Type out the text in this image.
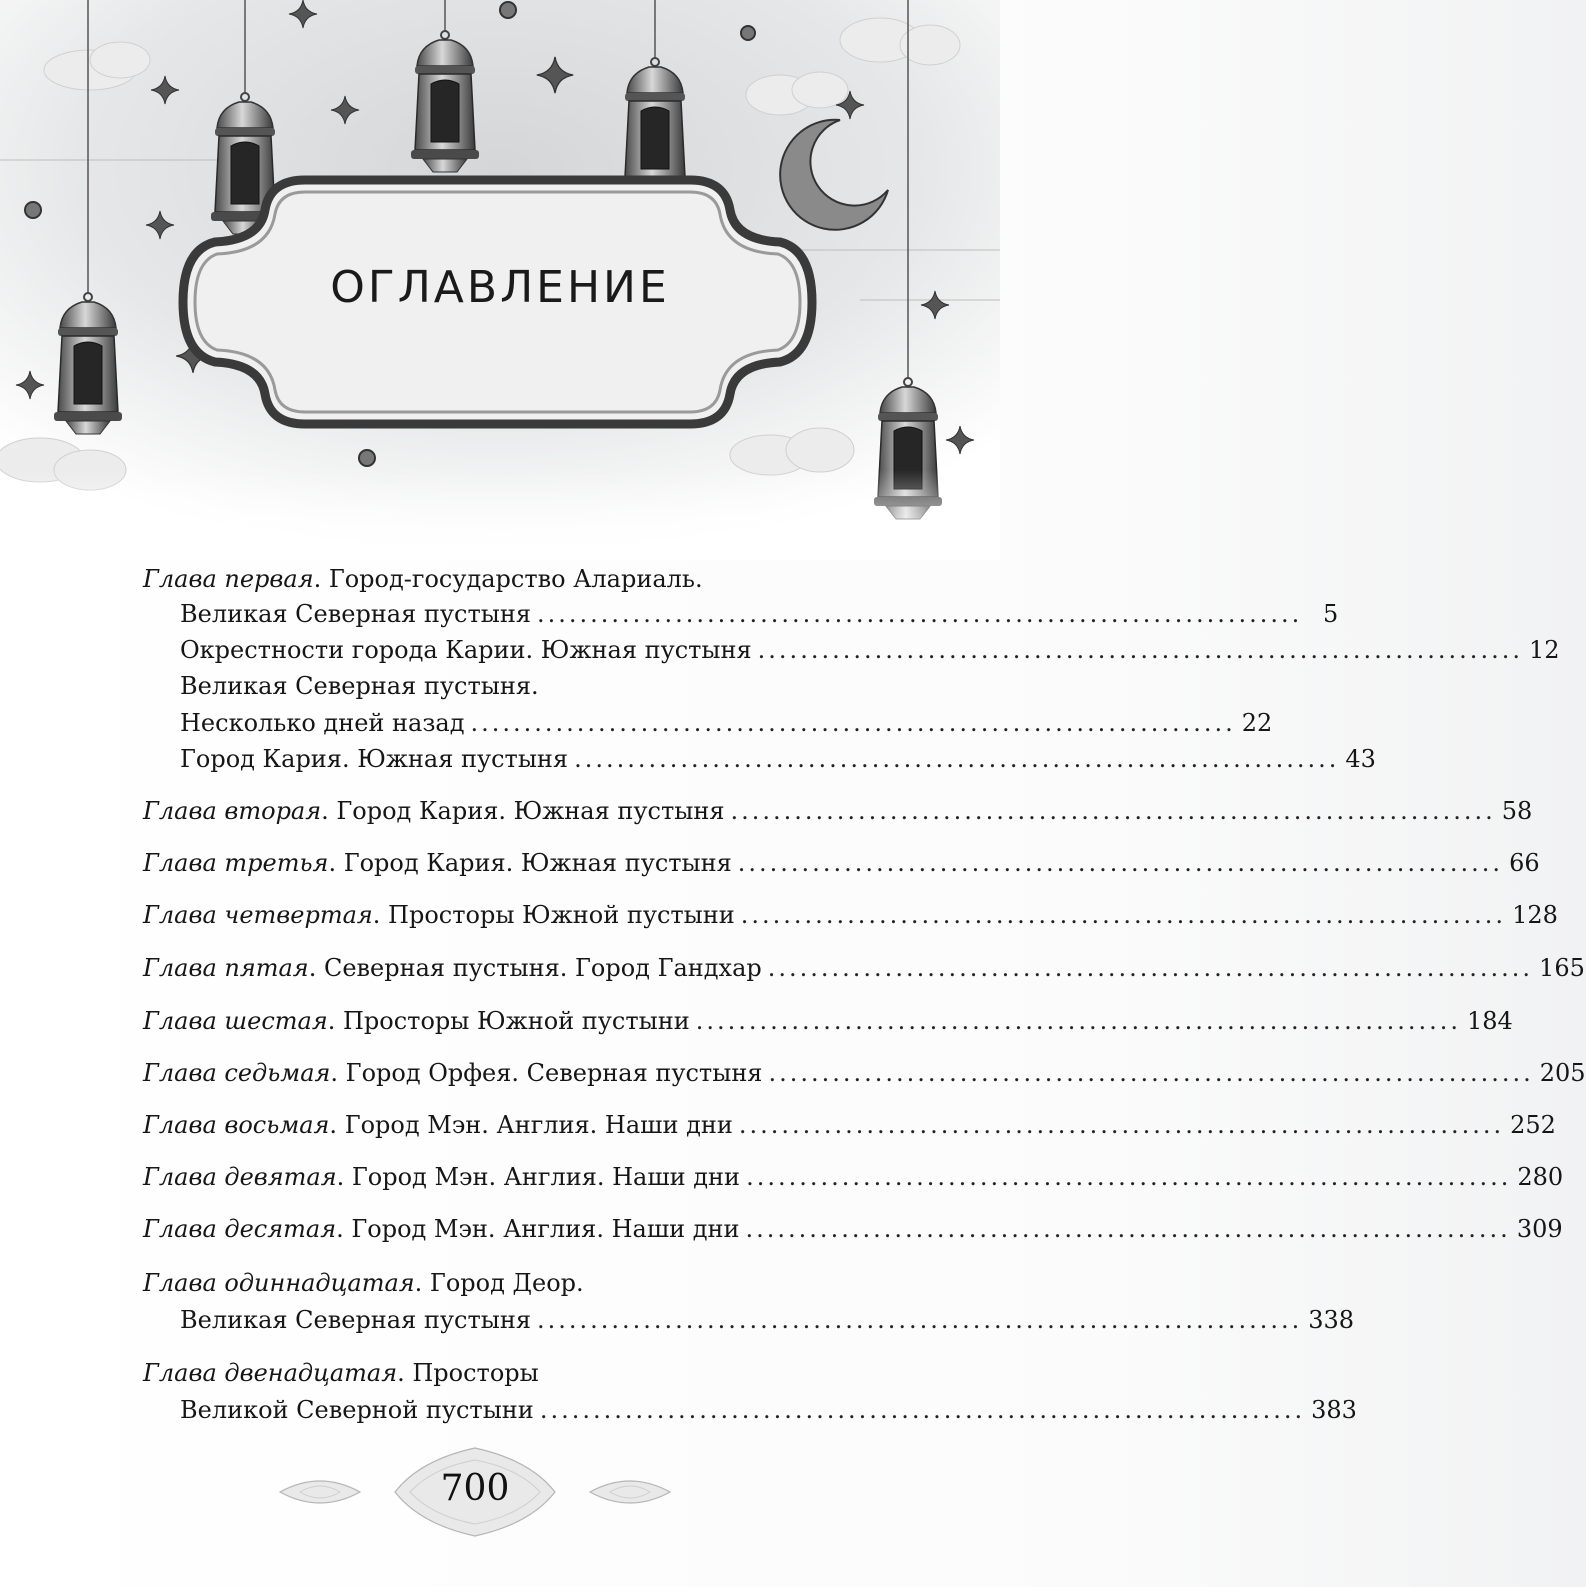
ОГЛАВЛЕНИЕ
Глава первая . Город-государство Алариаль.
Великая Северная пустыня ........................................................................ 5
Окрестности города Карии. Южная пустыня ........................................................................ 12
Великая Северная пустыня.
Несколько дней назад ........................................................................ 22
Город Кария. Южная пустыня ........................................................................ 43
Глава вторая . Город Кария. Южная пустыня ........................................................................ 58
Глава третья . Город Кария. Южная пустыня ........................................................................ 66
Глава четвертая . Просторы Южной пустыни ........................................................................ 128
Глава пятая . Северная пустыня. Город Гандхар ........................................................................ 165
Глава шестая . Просторы Южной пустыни ........................................................................ 184
Глава седьмая . Город Орфея. Северная пустыня ........................................................................ 205
Глава восьмая . Город Мэн. Англия. Наши дни ........................................................................ 252
Глава девятая . Город Мэн. Англия. Наши дни ........................................................................ 280
Глава десятая . Город Мэн. Англия. Наши дни ........................................................................ 309
Глава одиннадцатая . Город Деор.
Великая Северная пустыня ........................................................................ 338
Глава двенадцатая . Просторы
Великой Северной пустыни ........................................................................ 383
700
